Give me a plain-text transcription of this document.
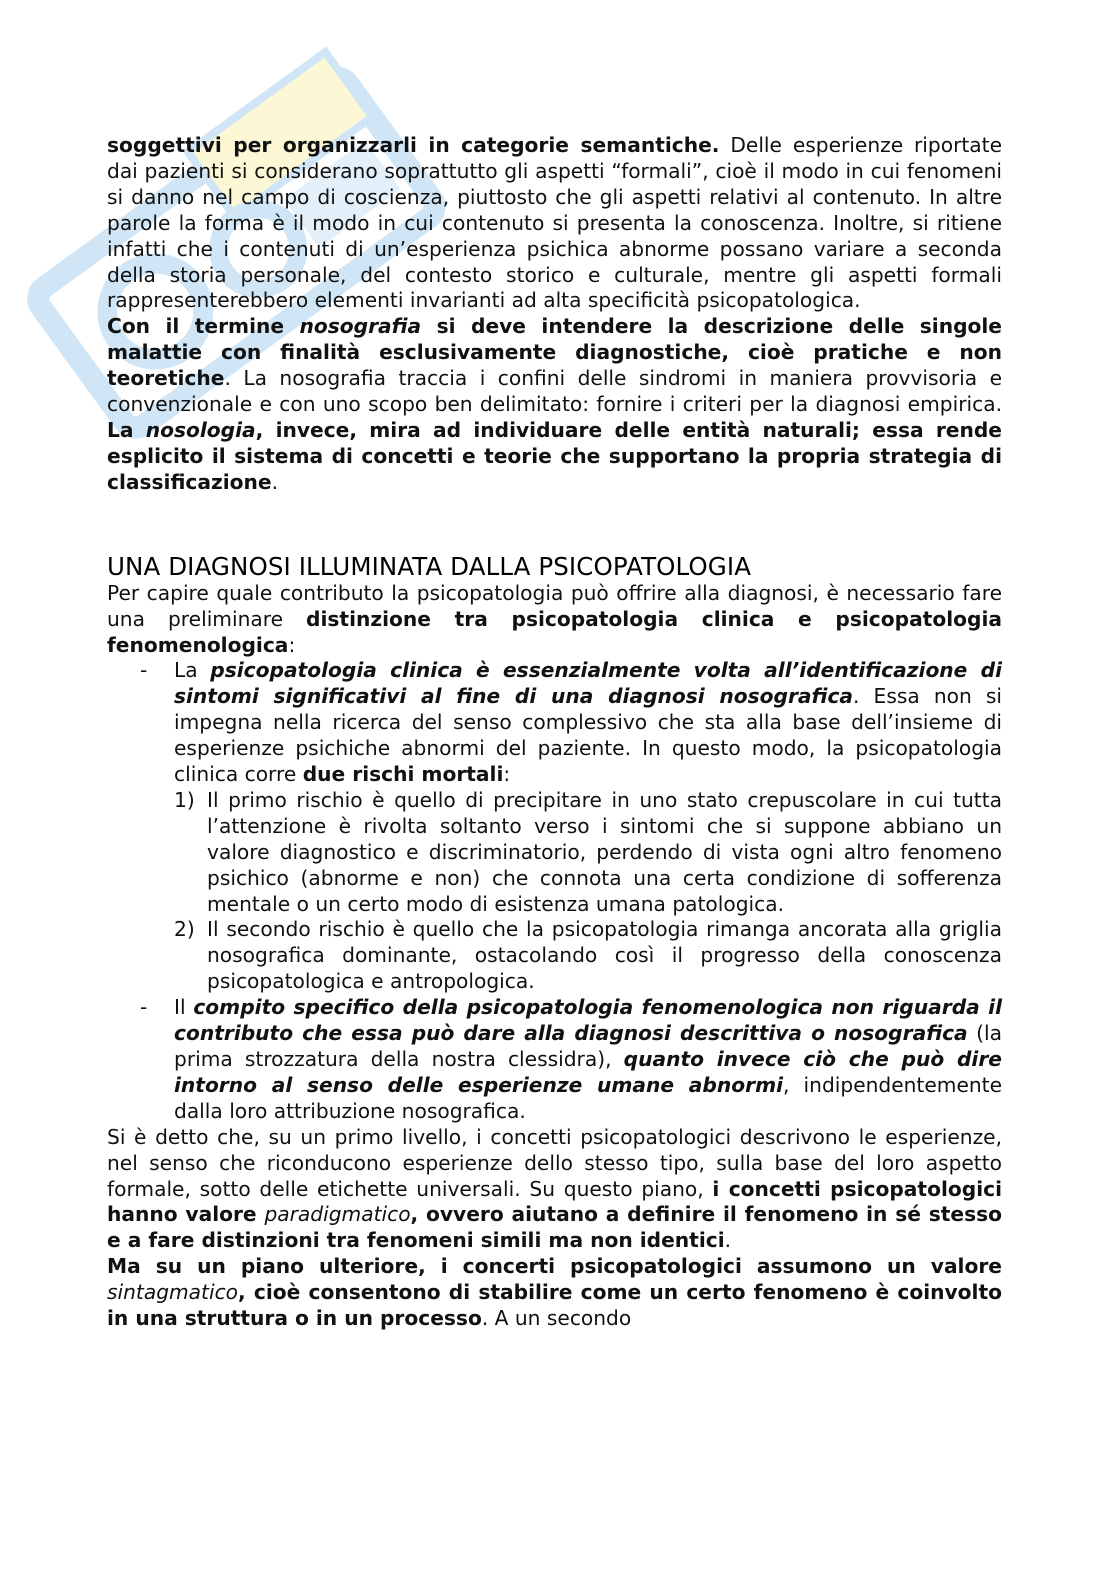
soggettivi per organizzarli in categorie semantiche. Delle esperienze riportate dai pazienti si considerano soprattutto gli aspetti “formali”, cioè il modo in cui fenomeni si danno nel campo di coscienza, piuttosto che gli aspetti relativi al contenuto. In altre parole la forma è il modo in cui contenuto si presenta la conoscenza. Inoltre, si ritiene infatti che i contenuti di un’esperienza psichica abnorme possano variare a seconda della storia personale, del contesto storico e culturale, mentre gli aspetti formali rappresenterebbero elementi invarianti ad alta specificità psicopatologica.

Con il termine nosografia si deve intendere la descrizione delle singole malattie con finalità esclusivamente diagnostiche, cioè pratiche e non teoretiche. La nosografia traccia i confini delle sindromi in maniera provvisoria e convenzionale e con uno scopo ben delimitato: fornire i criteri per la diagnosi empirica. La nosologia, invece, mira ad individuare delle entità naturali; essa rende esplicito il sistema di concetti e teorie che supportano la propria strategia di classificazione.

UNA DIAGNOSI ILLUMINATA DALLA PSICOPATOLOGIA

Per capire quale contributo la psicopatologia può offrire alla diagnosi, è necessario fare una preliminare distinzione tra psicopatologia clinica e psicopatologia fenomenologica:

- La psicopatologia clinica è essenzialmente volta all’identificazione di sintomi significativi al fine di una diagnosi nosografica. Essa non si impegna nella ricerca del senso complessivo che sta alla base dell’insieme di esperienze psichiche abnormi del paziente. In questo modo, la psicopatologia clinica corre due rischi mortali:
1) Il primo rischio è quello di precipitare in uno stato crepuscolare in cui tutta l’attenzione è rivolta soltanto verso i sintomi che si suppone abbiano un valore diagnostico e discriminatorio, perdendo di vista ogni altro fenomeno psichico (abnorme e non) che connota una certa condizione di sofferenza mentale o un certo modo di esistenza umana patologica.
2) Il secondo rischio è quello che la psicopatologia rimanga ancorata alla griglia nosografica dominante, ostacolando così il progresso della conoscenza psicopatologica e antropologica.
- Il compito specifico della psicopatologia fenomenologica non riguarda il contributo che essa può dare alla diagnosi descrittiva o nosografica (la prima strozzatura della nostra clessidra), quanto invece ciò che può dire intorno al senso delle esperienze umane abnormi, indipendentemente dalla loro attribuzione nosografica.

Si è detto che, su un primo livello, i concetti psicopatologici descrivono le esperienze, nel senso che riconducono esperienze dello stesso tipo, sulla base del loro aspetto formale, sotto delle etichette universali. Su questo piano, i concetti psicopatologici hanno valore paradigmatico, ovvero aiutano a definire il fenomeno in sé stesso e a fare distinzioni tra fenomeni simili ma non identici.

Ma su un piano ulteriore, i concerti psicopatologici assumono un valore sintagmatico, cioè consentono di stabilire come un certo fenomeno è coinvolto in una struttura o in un processo. A un secondo
